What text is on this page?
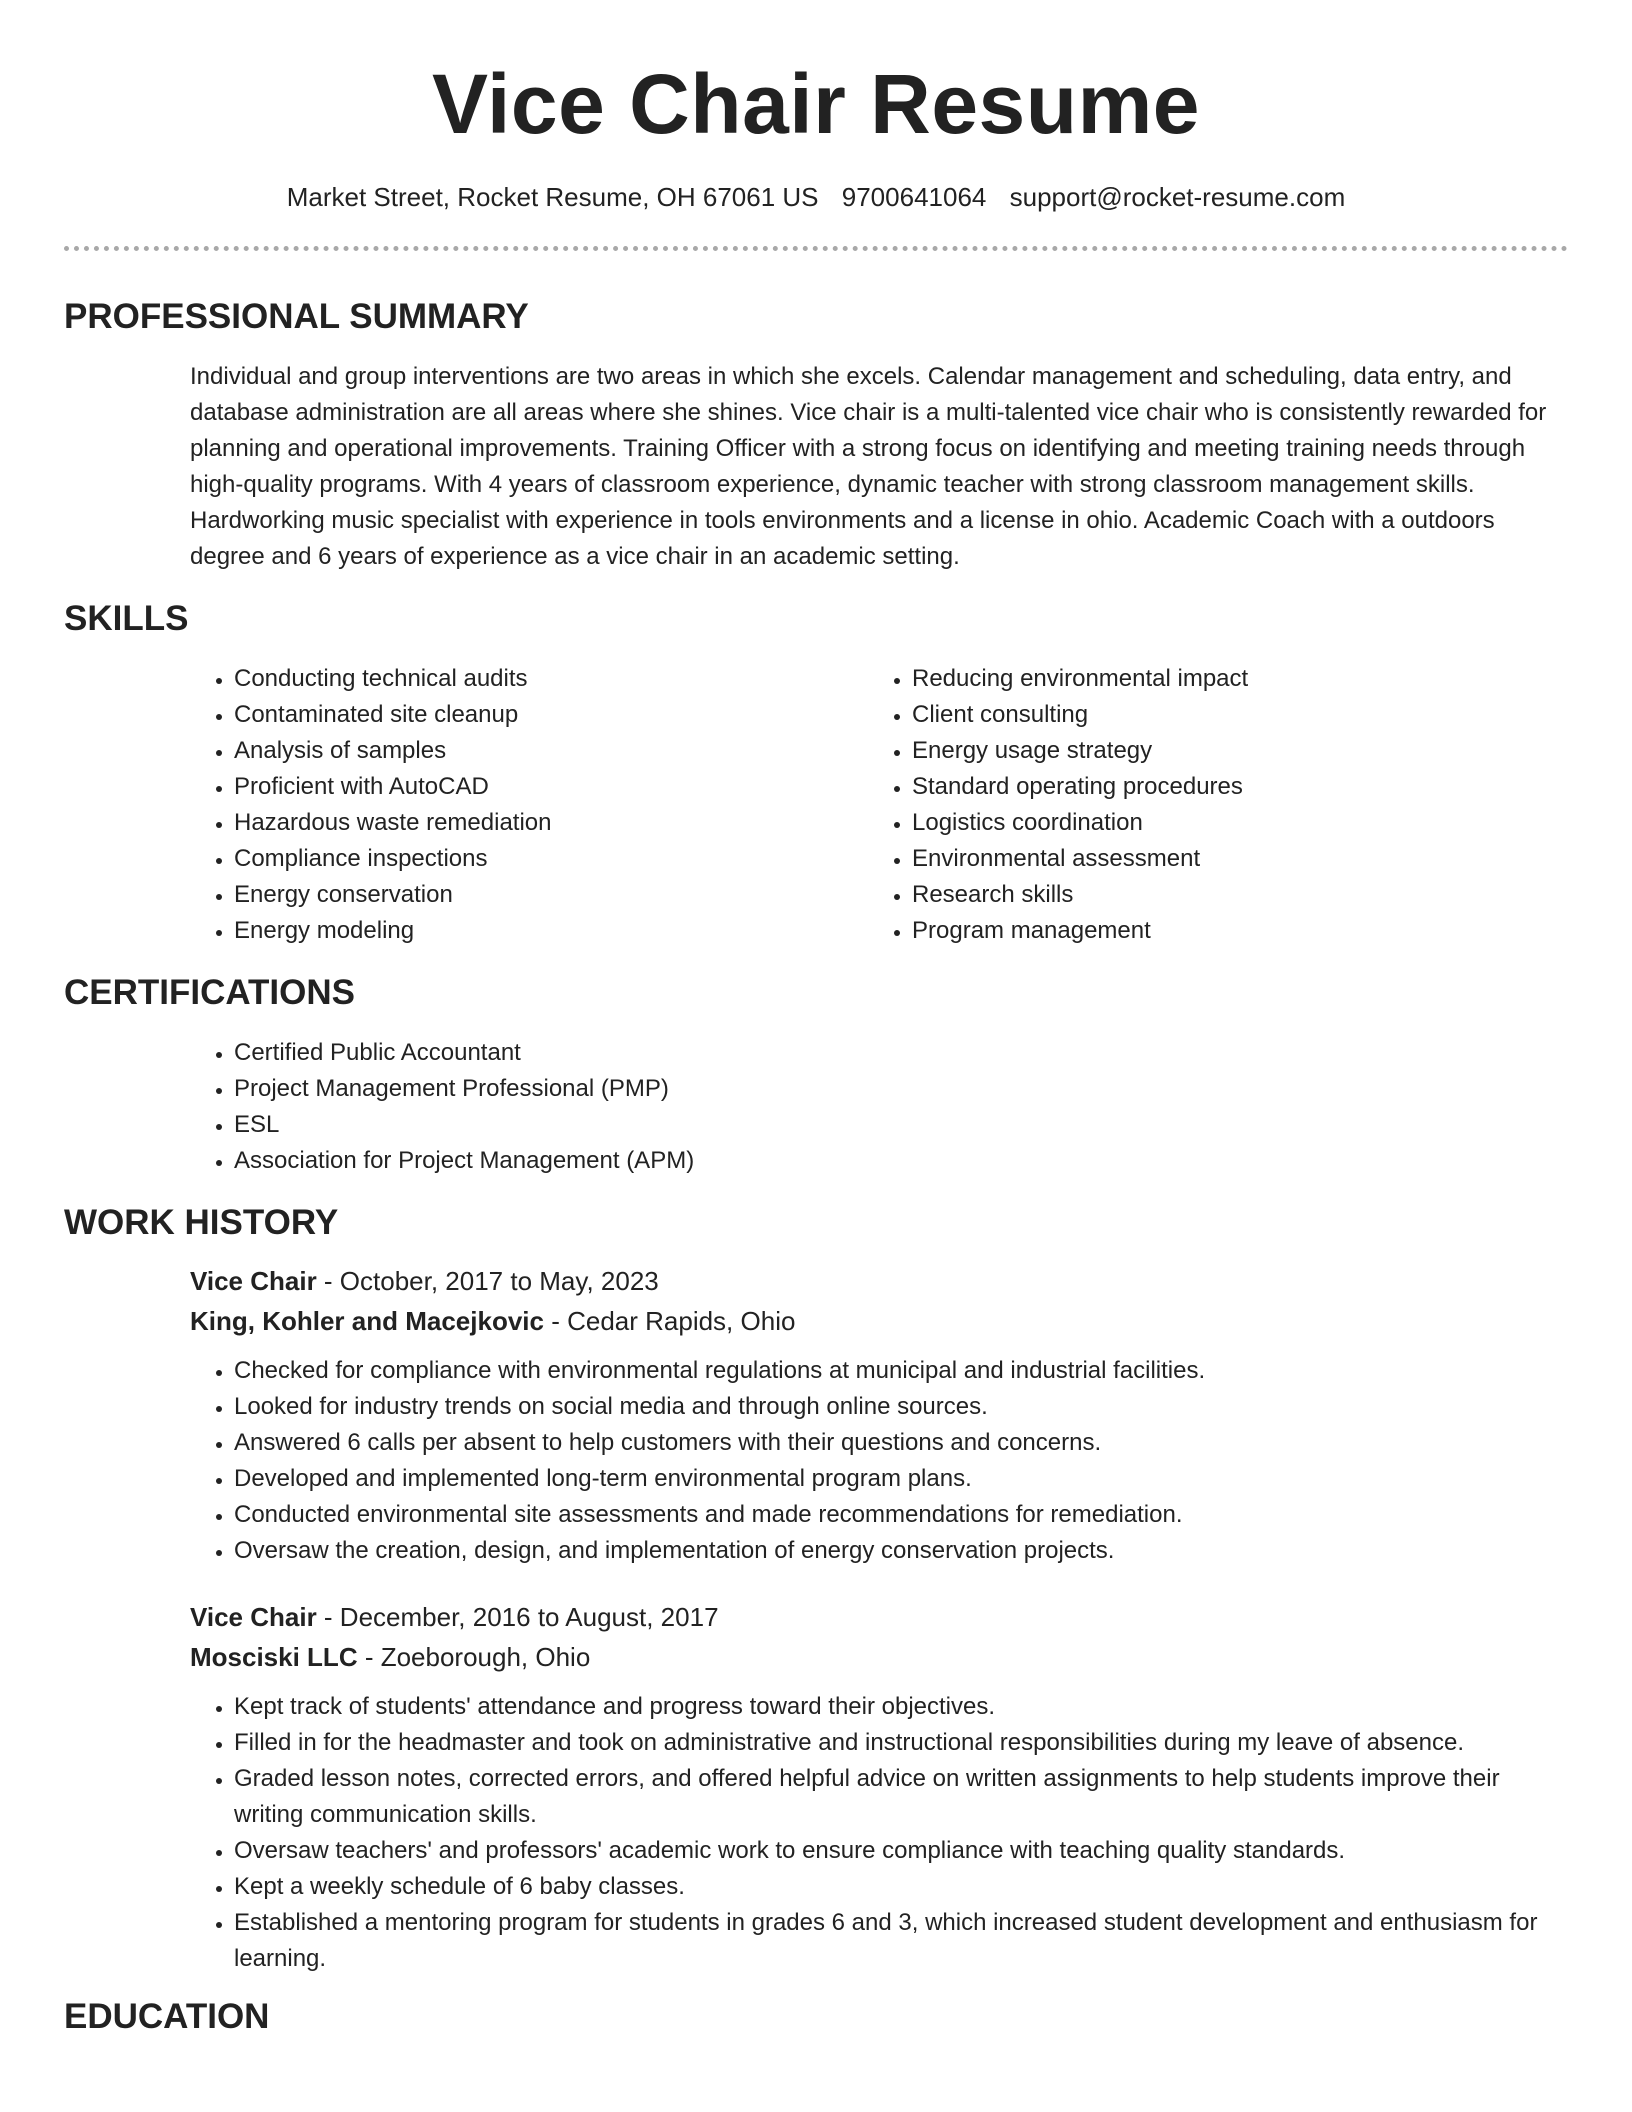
Vice Chair Resume
Market Street, Rocket Resume, OH 67061 US 9700641064 support@rocket-resume.com
PROFESSIONAL SUMMARY

Individual and group interventions are two areas in which she excels. Calendar management and scheduling, data entry, and database administration are all areas where she shines. Vice chair is a multi-talented vice chair who is consistently rewarded for planning and operational improvements. Training Officer with a strong focus on identifying and meeting training needs through high-quality programs. With 4 years of classroom experience, dynamic teacher with strong classroom management skills. Hardworking music specialist with experience in tools environments and a license in ohio. Academic Coach with a outdoors degree and 6 years of experience as a vice chair in an academic setting.

SKILLS
• Conducting technical audits
• Contaminated site cleanup
• Analysis of samples
• Proficient with AutoCAD
• Hazardous waste remediation
• Compliance inspections
• Energy conservation
• Energy modeling
• Reducing environmental impact
• Client consulting
• Energy usage strategy
• Standard operating procedures
• Logistics coordination
• Environmental assessment
• Research skills
• Program management
CERTIFICATIONS
• Certified Public Accountant
• Project Management Professional (PMP)
• ESL
• Association for Project Management (APM)
WORK HISTORY
Vice Chair - October, 2017 to May, 2023
King, Kohler and Macejkovic - Cedar Rapids, Ohio
• Checked for compliance with environmental regulations at municipal and industrial facilities.
• Looked for industry trends on social media and through online sources.
• Answered 6 calls per absent to help customers with their questions and concerns.
• Developed and implemented long-term environmental program plans.
• Conducted environmental site assessments and made recommendations for remediation.
• Oversaw the creation, design, and implementation of energy conservation projects.
Vice Chair - December, 2016 to August, 2017
Mosciski LLC - Zoeborough, Ohio
• Kept track of students' attendance and progress toward their objectives.
• Filled in for the headmaster and took on administrative and instructional responsibilities during my leave of absence.
• Graded lesson notes, corrected errors, and offered helpful advice on written assignments to help students improve their writing communication skills.
• Oversaw teachers' and professors' academic work to ensure compliance with teaching quality standards.
• Kept a weekly schedule of 6 baby classes.
• Established a mentoring program for students in grades 6 and 3, which increased student development and enthusiasm for learning.
EDUCATION
